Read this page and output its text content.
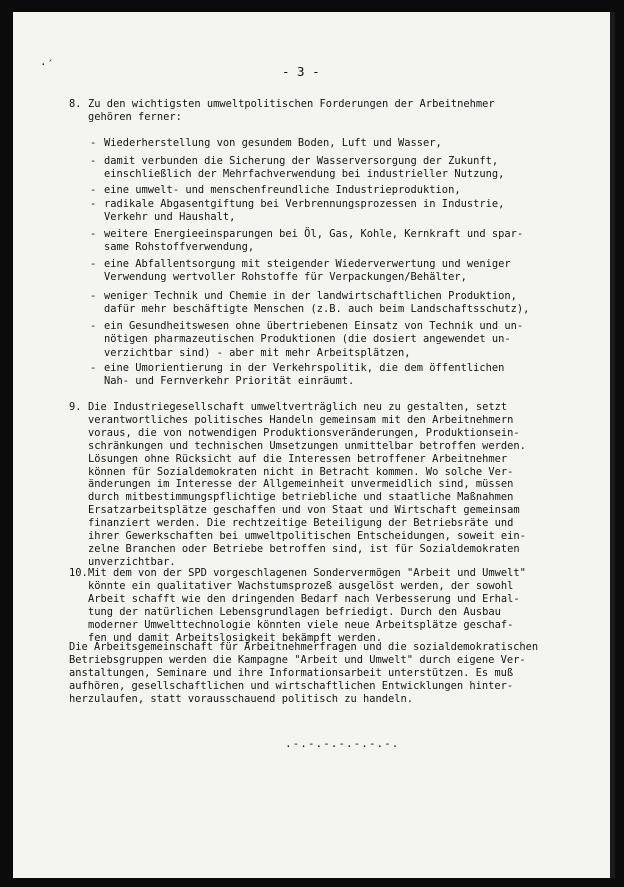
·´	- 3 -
8. Zu den wichtigsten umweltpolitischen Forderungen der Arbeitnehmer
gehören ferner:
- Wiederherstellung von gesundem Boden, Luft und Wasser,
- damit verbunden die Sicherung der Wasserversorgung der Zukunft,
einschließlich der Mehrfachverwendung bei industrieller Nutzung,
- eine umwelt- und menschenfreundliche Industrieproduktion,
- radikale Abgasentgiftung bei Verbrennungsprozessen in Industrie,
Verkehr und Haushalt,
- weitere Energieeinsparungen bei Öl, Gas, Kohle, Kernkraft und spar-
same Rohstoffverwendung,
- eine Abfallentsorgung mit steigender Wiederverwertung und weniger
Verwendung wertvoller Rohstoffe für Verpackungen/Behälter,
- weniger Technik und Chemie in der landwirtschaftlichen Produktion,
dafür mehr beschäftigte Menschen (z.B. auch beim Landschaftsschutz),
- ein Gesundheitswesen ohne übertriebenen Einsatz von Technik und un-
nötigen pharmazeutischen Produktionen (die dosiert angewendet un-
verzichtbar sind) - aber mit mehr Arbeitsplätzen,
- eine Umorientierung in der Verkehrspolitik, die dem öffentlichen
Nah- und Fernverkehr Priorität einräumt.
9. Die Industriegesellschaft umweltverträglich neu zu gestalten, setzt
verantwortliches politisches Handeln gemeinsam mit den Arbeitnehmern
voraus, die von notwendigen Produktionsveränderungen, Produktionsein-
schränkungen und technischen Umsetzungen unmittelbar betroffen werden.
Lösungen ohne Rücksicht auf die Interessen betroffener Arbeitnehmer
können für Sozialdemokraten nicht in Betracht kommen. Wo solche Ver-
änderungen im Interesse der Allgemeinheit unvermeidlich sind, müssen
durch mitbestimmungspflichtige betriebliche und staatliche Maßnahmen
Ersatzarbeitsplätze geschaffen und von Staat und Wirtschaft gemeinsam
finanziert werden. Die rechtzeitige Beteiligung der Betriebsräte und
ihrer Gewerkschaften bei umweltpolitischen Entscheidungen, soweit ein-
zelne Branchen oder Betriebe betroffen sind, ist für Sozialdemokraten
unverzichtbar.
10. Mit dem von der SPD vorgeschlagenen Sondervermögen "Arbeit und Umwelt"
könnte ein qualitativer Wachstumsprozeß ausgelöst werden, der sowohl
Arbeit schafft wie den dringenden Bedarf nach Verbesserung und Erhal-
tung der natürlichen Lebensgrundlagen befriedigt. Durch den Ausbau
moderner Umwelttechnologie könnten viele neue Arbeitsplätze geschaf-
fen und damit Arbeitslosigkeit bekämpft werden.
Die Arbeitsgemeinschaft für Arbeitnehmerfragen und die sozialdemokratischen
Betriebsgruppen werden die Kampagne "Arbeit und Umwelt" durch eigene Ver-
anstaltungen, Seminare und ihre Informationsarbeit unterstützen. Es muß
aufhören, gesellschaftlichen und wirtschaftlichen Entwicklungen hinter-
herzulaufen, statt vorausschauend politisch zu handeln.
.-.-.-.-.-.-.-.
